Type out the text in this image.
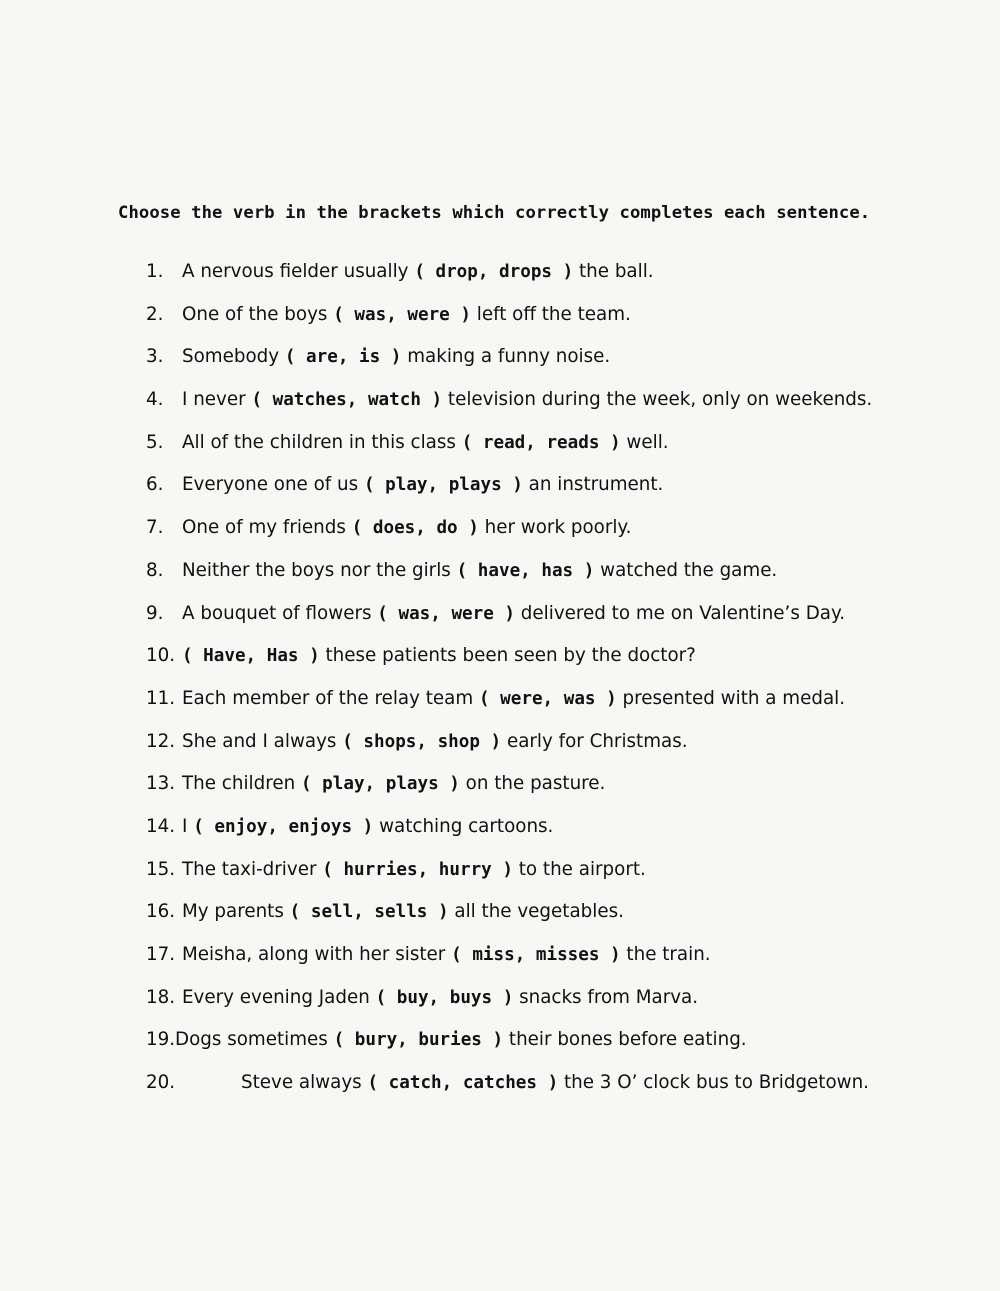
Choose the verb in the brackets which correctly completes each sentence.
1. A nervous fielder usually ( drop, drops ) the ball.
2. One of the boys ( was, were ) left off the team.
3. Somebody ( are, is ) making a funny noise.
4. I never ( watches, watch ) television during the week, only on weekends.
5. All of the children in this class ( read, reads ) well.
6. Everyone one of us ( play, plays ) an instrument.
7. One of my friends ( does, do ) her work poorly.
8. Neither the boys nor the girls ( have, has ) watched the game.
9. A bouquet of flowers ( was, were ) delivered to me on Valentine’s Day.
10. ( Have, Has ) these patients been seen by the doctor?
11. Each member of the relay team ( were, was ) presented with a medal.
12. She and I always ( shops, shop ) early for Christmas.
13. The children ( play, plays ) on the pasture.
14. I ( enjoy, enjoys ) watching cartoons.
15. The taxi-driver ( hurries, hurry ) to the airport.
16. My parents ( sell, sells ) all the vegetables.
17. Meisha, along with her sister ( miss, misses ) the train.
18. Every evening Jaden ( buy, buys ) snacks from Marva.
19. Dogs sometimes ( bury, buries ) their bones before eating.
20.	Steve always ( catch, catches ) the 3 O’ clock bus to Bridgetown.
